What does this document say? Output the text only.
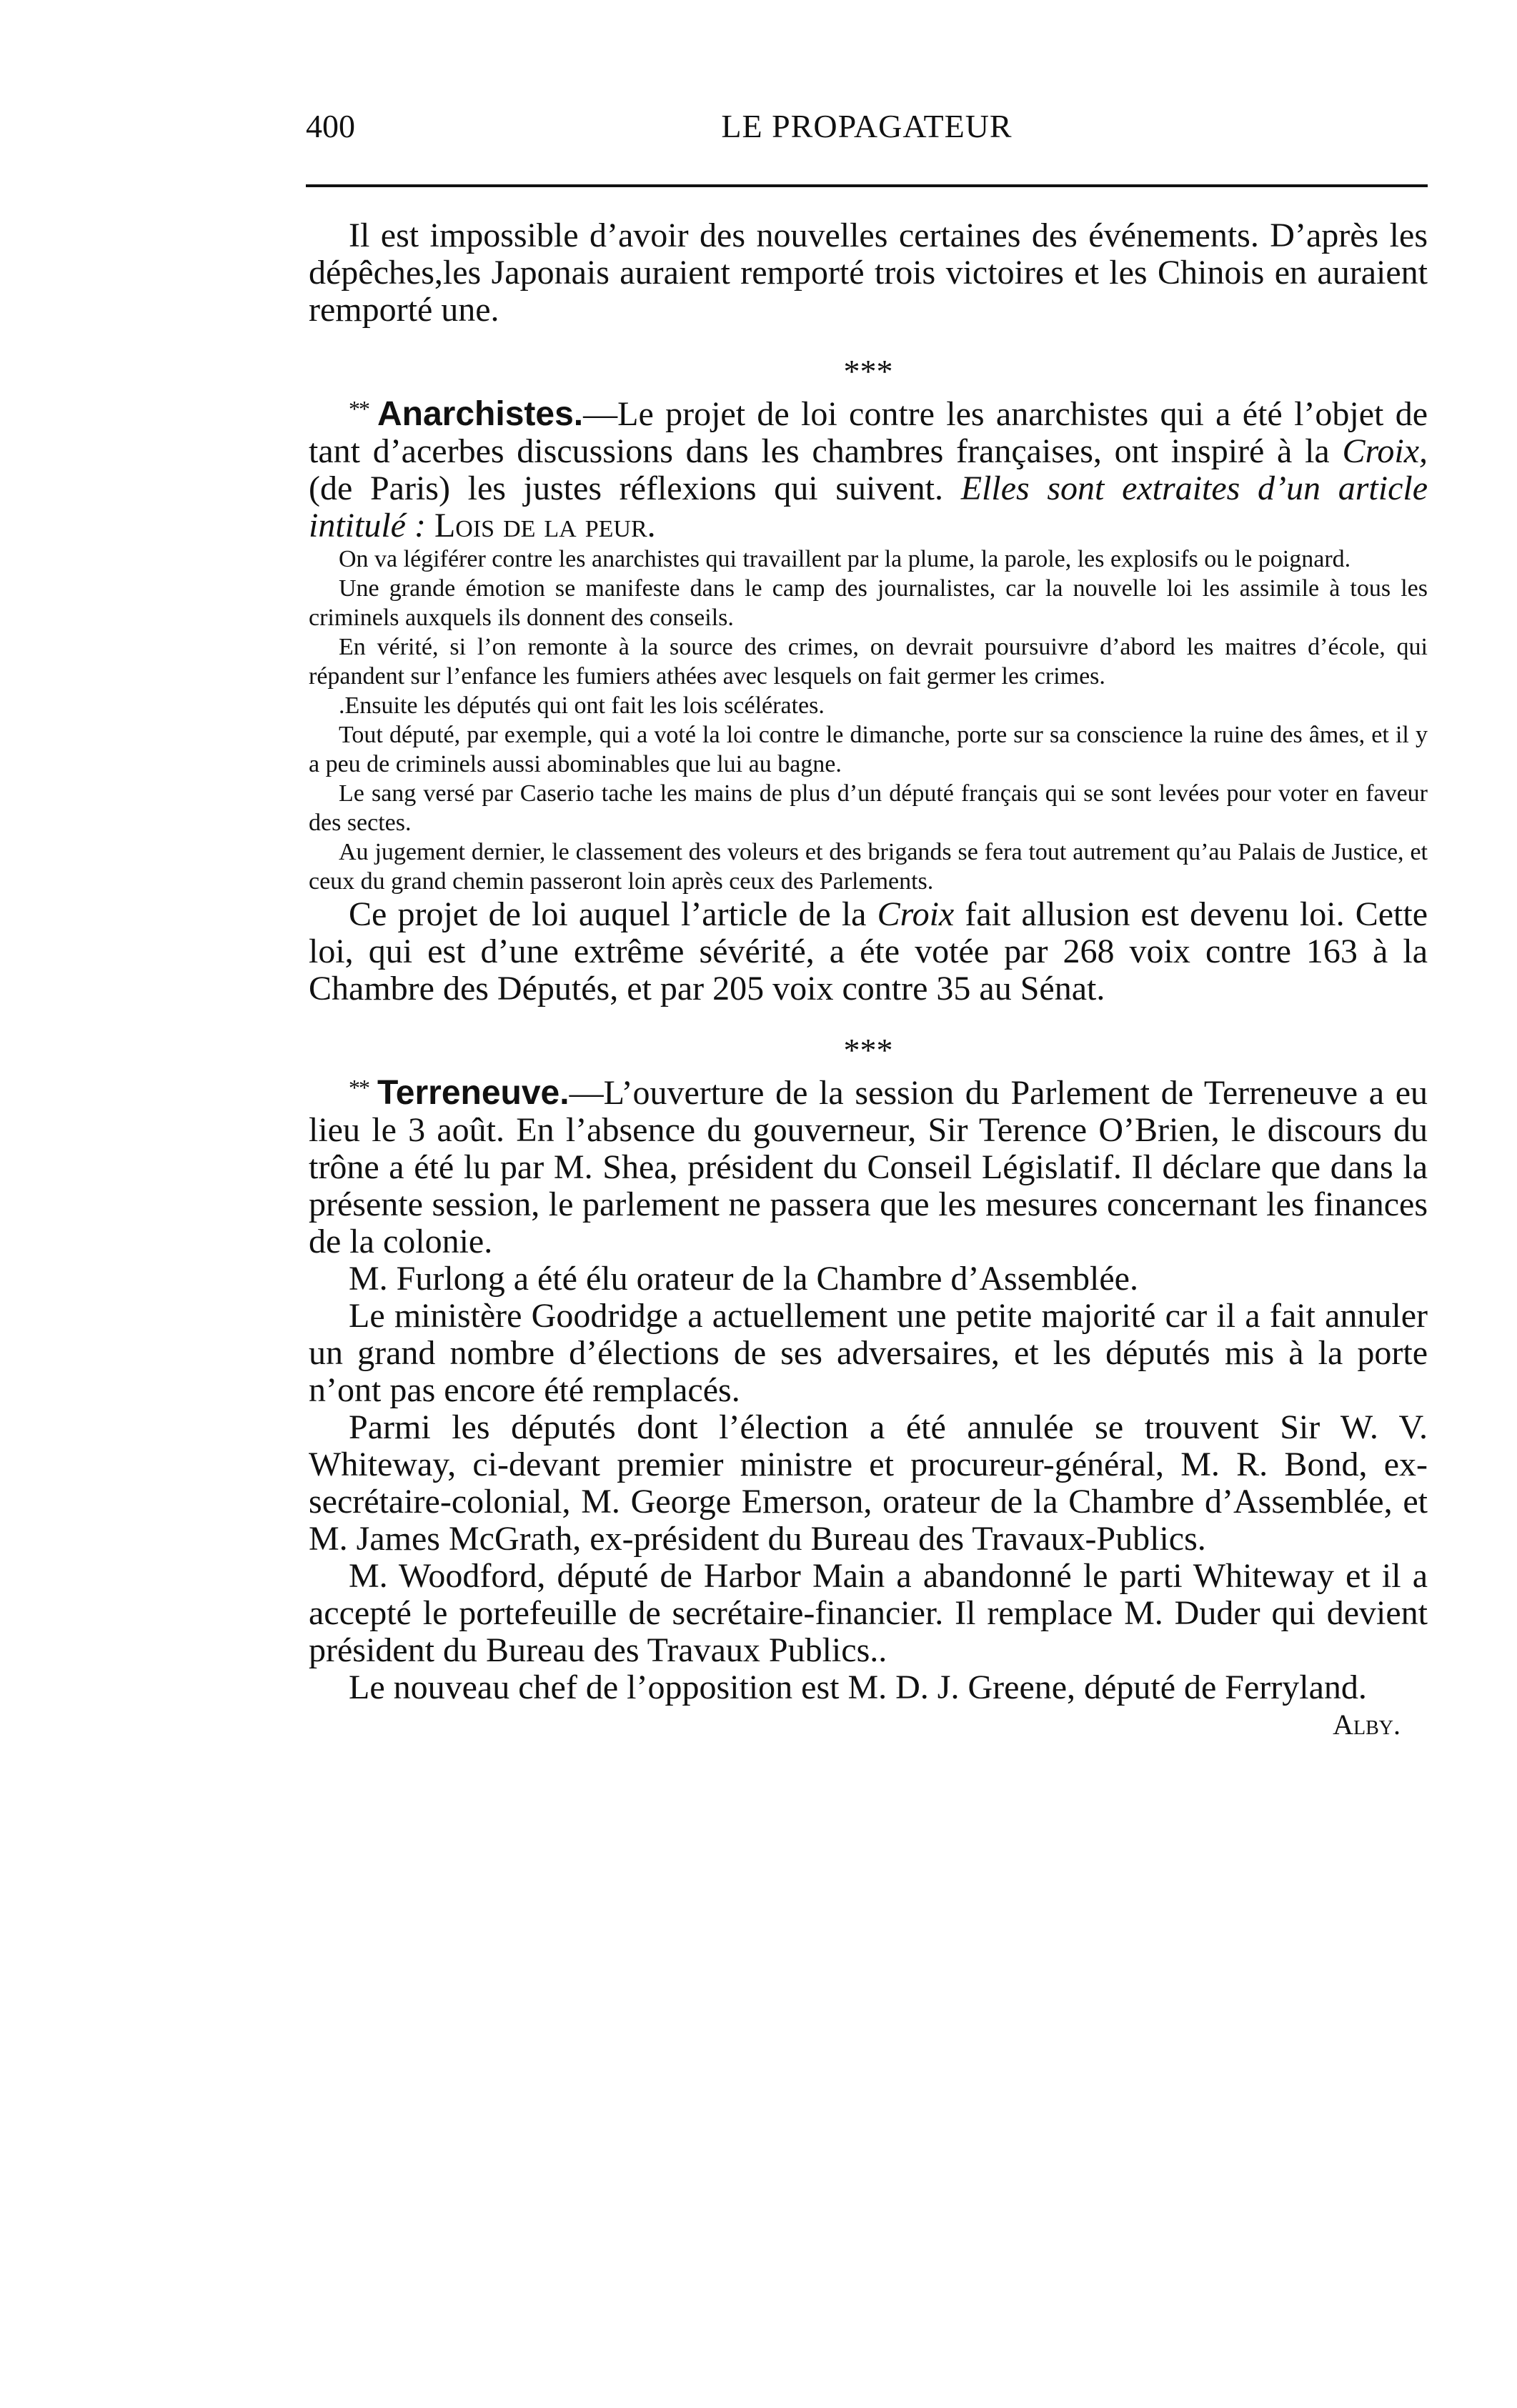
400	LE PROPAGATEUR

Il est impossible d’avoir des nouvelles certaines des événements. D’après les dépêches,les Japonais auraient remporté trois victoires et les Chinois en auraient remporté une.

***

** Anarchistes.—Le projet de loi contre les anarchistes qui a été l’objet de tant d’acerbes discussions dans les chambres françaises, ont inspiré à la Croix, (de Paris) les justes réflexions qui suivent. Elles sont extraites d’un article intitulé : Lois de la peur.

On va légiférer contre les anarchistes qui travaillent par la plume, la parole, les explosifs ou le poignard.

Une grande émotion se manifeste dans le camp des journalistes, car la nouvelle loi les assimile à tous les criminels auxquels ils donnent des conseils.

En vérité, si l’on remonte à la source des crimes, on devrait poursuivre d’abord les maitres d’école, qui répandent sur l’enfance les fumiers athées avec lesquels on fait germer les crimes.

.Ensuite les députés qui ont fait les lois scélérates.

Tout député, par exemple, qui a voté la loi contre le dimanche, porte sur sa conscience la ruine des âmes, et il y a peu de criminels aussi abominables que lui au bagne.

Le sang versé par Caserio tache les mains de plus d’un député français qui se sont levées pour voter en faveur des sectes.

Au jugement dernier, le classement des voleurs et des brigands se fera tout autrement qu’au Palais de Justice, et ceux du grand chemin passeront loin après ceux des Parlements.

Ce projet de loi auquel l’article de la Croix fait allusion est devenu loi. Cette loi, qui est d’une extrême sévérité, a éte votée par 268 voix contre 163 à la Chambre des Députés, et par 205 voix contre 35 au Sénat.

***

** Terreneuve.—L’ouverture de la session du Parlement de Terreneuve a eu lieu le 3 août. En l’absence du gouverneur, Sir Terence O’Brien, le discours du trône a été lu par M. Shea, président du Conseil Législatif. Il déclare que dans la présente session, le parlement ne passera que les mesures concernant les finances de la colonie.

M. Furlong a été élu orateur de la Chambre d’Assemblée.

Le ministère Goodridge a actuellement une petite majorité car il a fait annuler un grand nombre d’élections de ses adversaires, et les députés mis à la porte n’ont pas encore été remplacés.

Parmi les députés dont l’élection a été annulée se trouvent Sir W. V. Whiteway, ci-devant premier ministre et procureur-général, M. R. Bond, ex-secrétaire-colonial, M. George Emerson, orateur de la Chambre d’Assemblée, et M. James McGrath, ex-président du Bureau des Travaux-Publics.

M. Woodford, député de Harbor Main a abandonné le parti Whiteway et il a accepté le portefeuille de secrétaire-financier. Il remplace M. Duder qui devient président du Bureau des Travaux Publics..

Le nouveau chef de l’opposition est M. D. J. Greene, député de Ferryland.
Alby.
